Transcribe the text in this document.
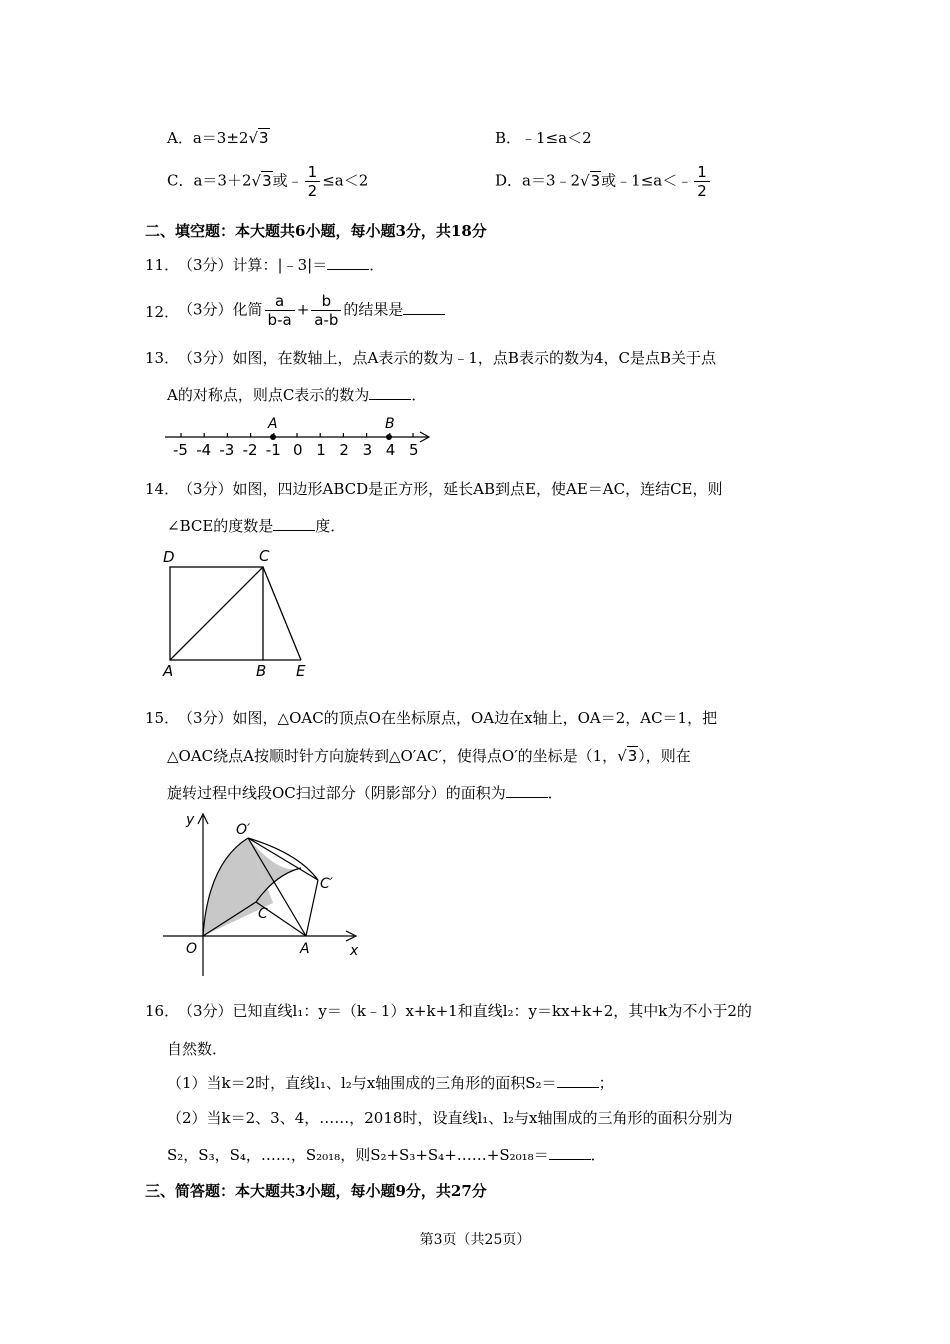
A．a＝3±2√3	B．﹣1≤a＜2
C．a＝3＋2√3或﹣ $\frac{1}{2} \le a<2$	D．a＝3﹣2√3或﹣1≤a＜﹣ $\frac{1}{2}$
二、填空题：本大题共6小题，每小题3分，共18分
11．
（3分）计算：|﹣3|＝	．
12．
（3分）化简 $\frac{a}{b-a} + \frac{b}{a-b}$ 的结果是
13．
（3分）如图，在数轴上，点A表示的数为﹣1，点B表示的数为4，C是点B关于点
A的对称点，则点C表示的数为	．
-5 -4 -3 -2 -1 0 1 2 3 4 5
A	B
14．
（3分）如图，四边形ABCD是正方形，延长AB到点E，使AE＝AC，连结CE，则
∠BCE的度数是	度．
D	C
A	B E
15．
（3分）如图，△OAC的顶点O在坐标原点，OA边在x轴上，OA＝2，AC＝1，把
△OAC绕点A按顺时针方向旋转到△O′AC′，使得点O′的坐标是（1，√3），则在
旋转过程中线段OC扫过部分（阴影部分）的面积为	．
y
x
O	A
C
O′
C′
16．
（3分）已知直线l₁：y＝（k﹣1）x+k+1和直线l₂：y＝kx+k+2，其中k为不小于2的
自然数．
（1）当k＝2时，直线l₁、l₂与x轴围成的三角形的面积S₂＝	；
（2）当k＝2、3、4，……，2018时，设直线l₁、l₂与x轴围成的三角形的面积分别为
S₂，S₃，S₄，……，S₂₀₁₈，则S₂+S₃+S₄+……+S₂₀₁₈＝	．
三、简答题：本大题共3小题，每小题9分，共27分
第3页（共25页）
